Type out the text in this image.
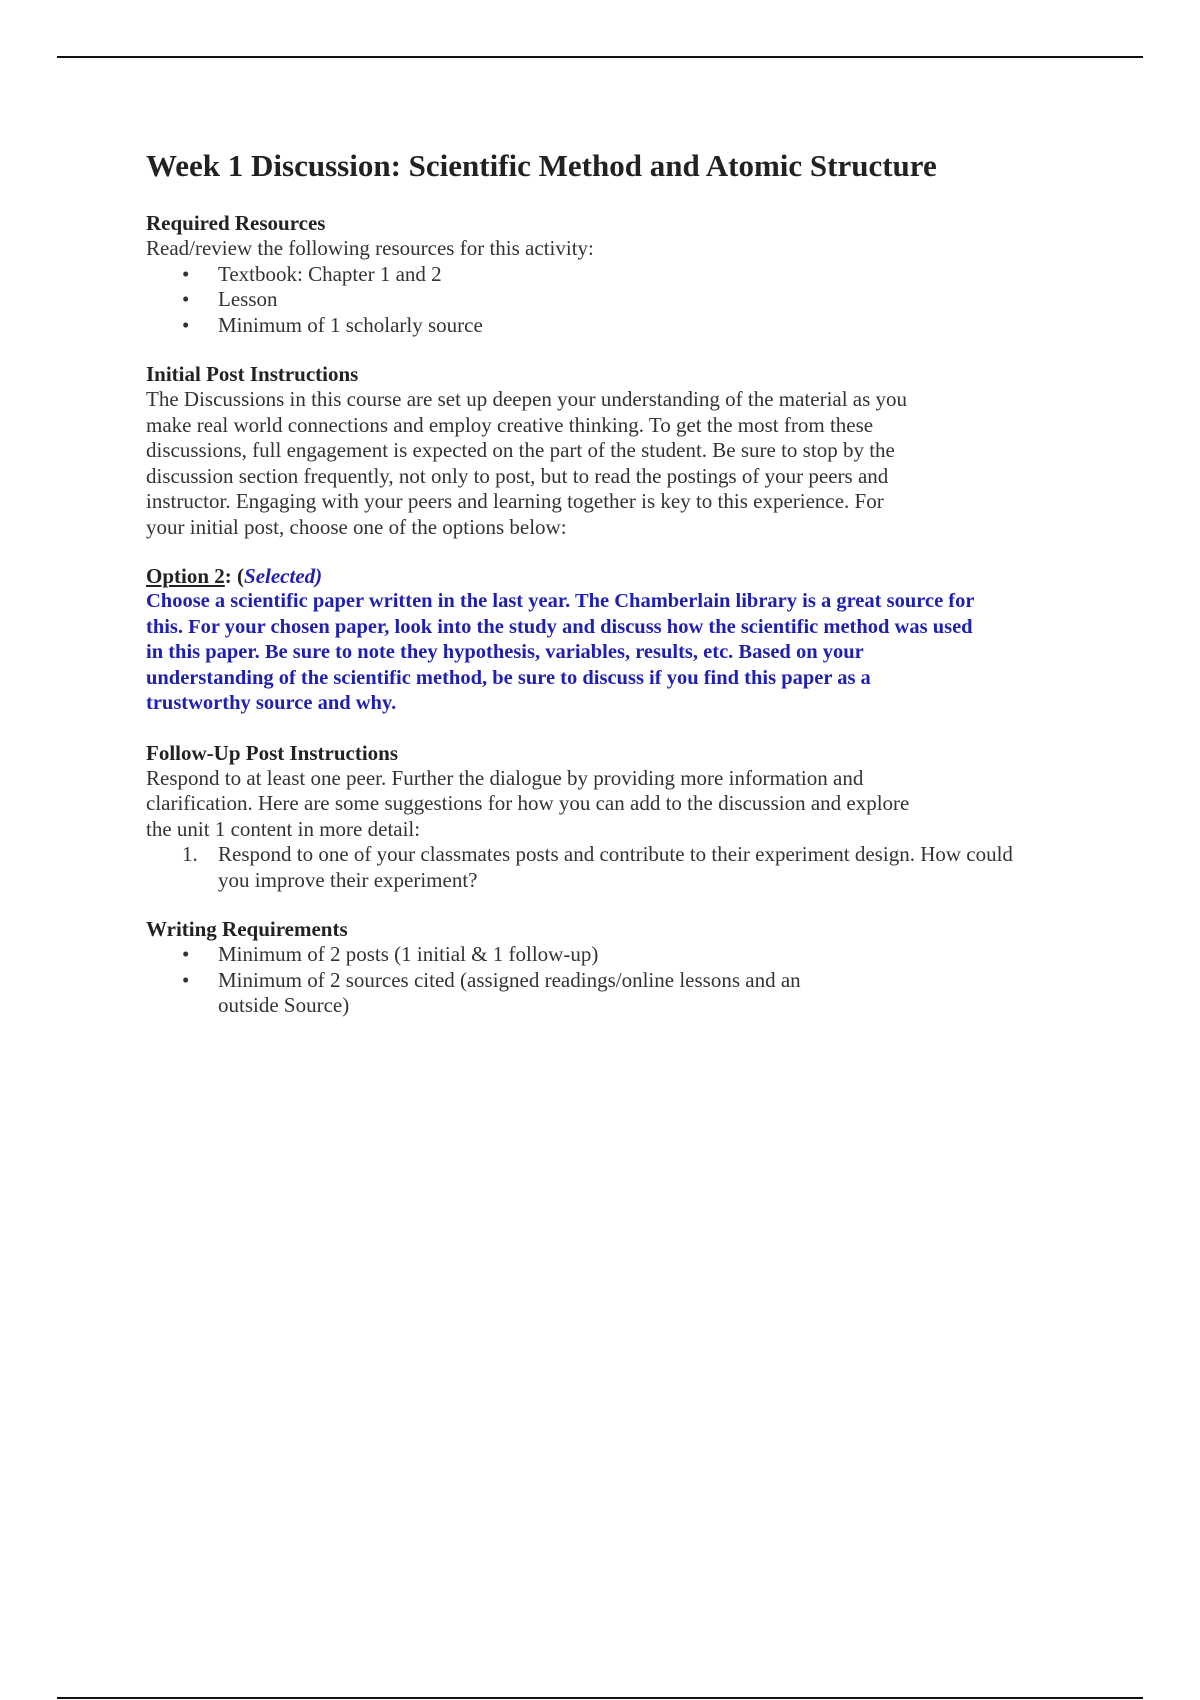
Week 1 Discussion: Scientific Method and Atomic Structure
Required Resources
Read/review the following resources for this activity:
• Textbook: Chapter 1 and 2
• Lesson
• Minimum of 1 scholarly source
Initial Post Instructions
The Discussions in this course are set up deepen your understanding of the material as you make real world connections and employ creative thinking. To get the most from these discussions, full engagement is expected on the part of the student. Be sure to stop by the discussion section frequently, not only to post, but to read the postings of your peers and instructor. Engaging with your peers and learning together is key to this experience. For your initial post, choose one of the options below:
Option 2: (Selected)
Choose a scientific paper written in the last year. The Chamberlain library is a great source for this. For your chosen paper, look into the study and discuss how the scientific method was used in this paper. Be sure to note they hypothesis, variables, results, etc. Based on your understanding of the scientific method, be sure to discuss if you find this paper as a trustworthy source and why.
Follow-Up Post Instructions
Respond to at least one peer. Further the dialogue by providing more information and clarification. Here are some suggestions for how you can add to the discussion and explore the unit 1 content in more detail:
1. Respond to one of your classmates posts and contribute to their experiment design. How could you improve their experiment?
Writing Requirements
• Minimum of 2 posts (1 initial & 1 follow-up)
• Minimum of 2 sources cited (assigned readings/online lessons and an outside Source)
